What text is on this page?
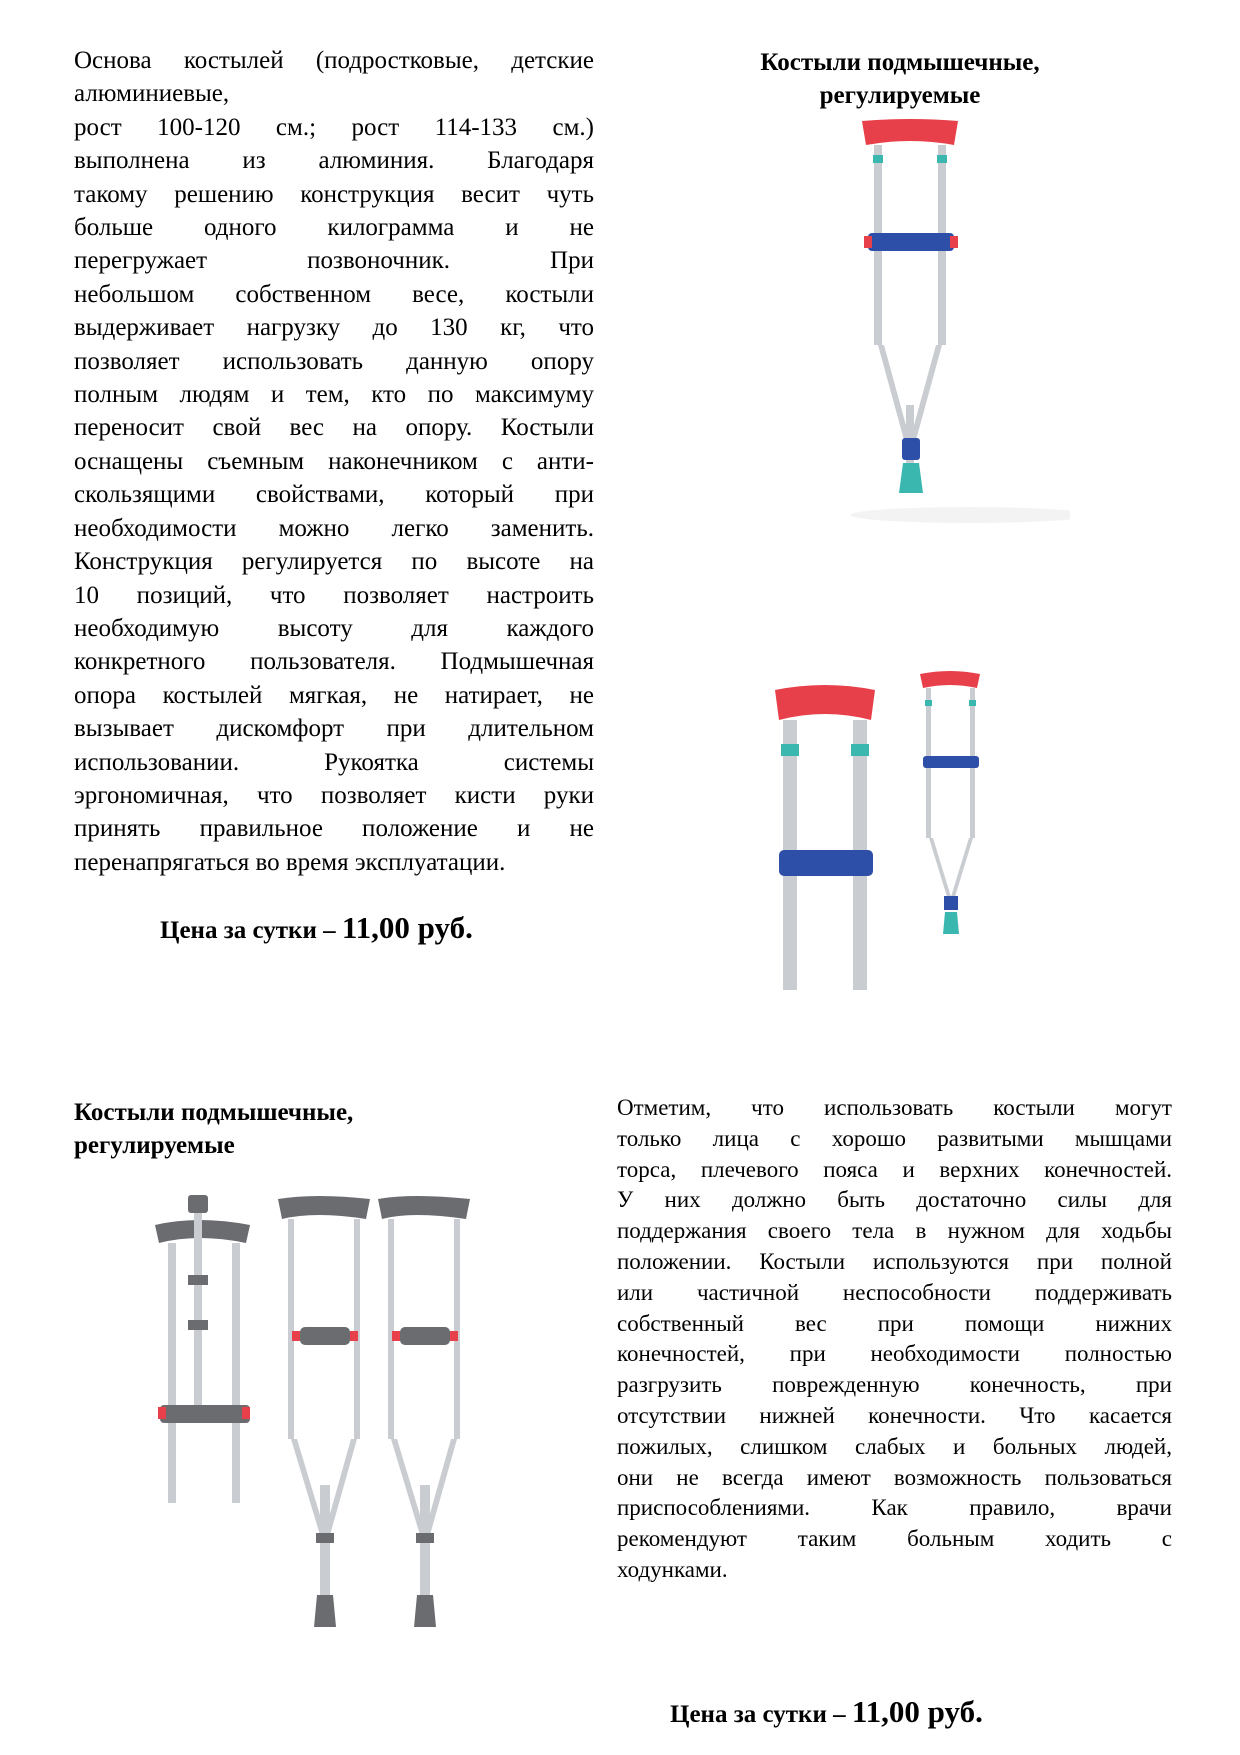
Основа костылей (подростковые, детские
алюминиевые,
рост 100-120 см.; рост 114-133 см.)
выполнена из алюминия. Благодаря
такому решению конструкция весит чуть
больше одного килограмма и не
перегружает позвоночник. При
небольшом собственном весе, костыли
выдерживает нагрузку до 130 кг, что
позволяет использовать данную опору
полным людям и тем, кто по максимуму
переносит свой вес на опору. Костыли
оснащены съемным наконечником с анти-
скользящими свойствами, который при
необходимости можно легко заменить.
Конструкция регулируется по высоте на
10 позиций, что позволяет настроить
необходимую высоту для каждого
конкретного пользователя. Подмышечная
опора костылей мягкая, не натирает, не
вызывает дискомфорт при длительном
использовании. Рукоятка системы
эргономичная, что позволяет кисти руки
принять правильное положение и не
перенапрягаться во время эксплуатации.

Цена за сутки – 11,00 руб.

Костыли подмышечные,

регулируемые

Костыли подмышечные,

регулируемые

Отметим, что использовать костыли могут
только лица с хорошо развитыми мышцами
торса, плечевого пояса и верхних конечностей.
У них должно быть достаточно силы для
поддержания своего тела в нужном для ходьбы
положении. Костыли используются при полной
или частичной неспособности поддерживать
собственный вес при помощи нижних
конечностей, при необходимости полностью
разгрузить поврежденную конечность, при
отсутствии нижней конечности. Что касается
пожилых, слишком слабых и больных людей,
они не всегда имеют возможность пользоваться
приспособлениями. Как правило, врачи
рекомендуют таким больным ходить с
ходунками.

Цена за сутки – 11,00 руб.
